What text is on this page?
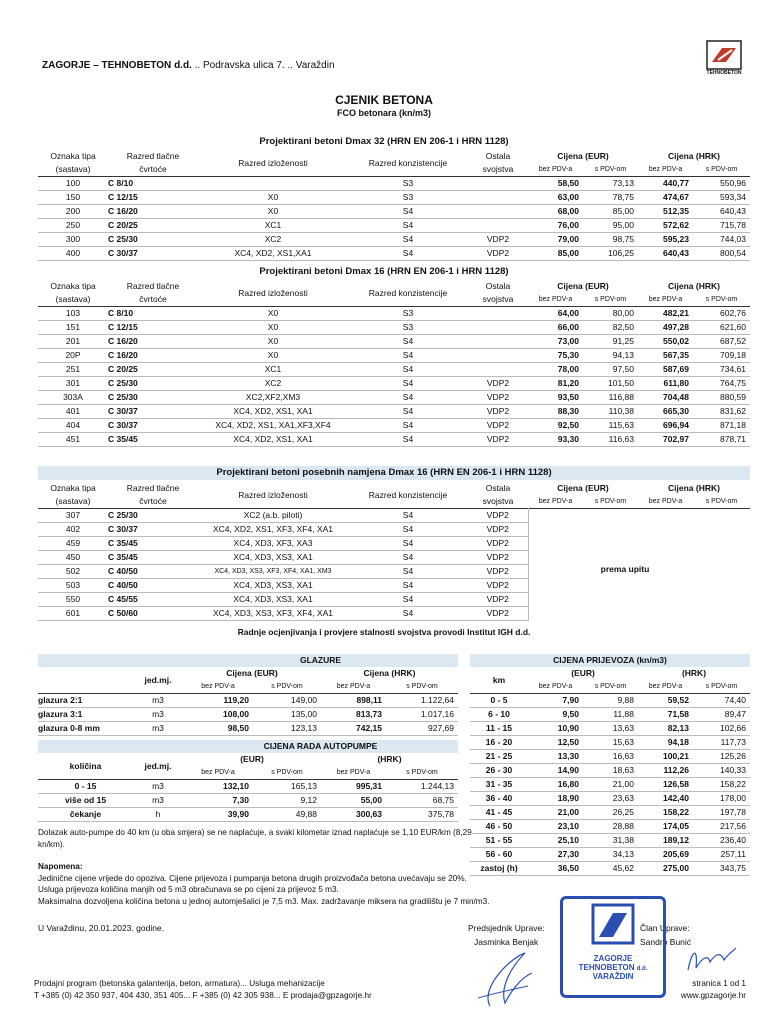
ZAGORJE – TEHNOBETON d.d. .. Podravska ulica 7. .. Varaždin
TEHNOBETON
CJENIK BETONA
FCO betonara (kn/m3)
Projektirani betoni Dmax 32 (HRN EN 206-1 i HRN 1128)
Oznaka tipa	Razred tlačne	Razred izloženosti	Razred konzistencije	Ostala	Cijena (EUR)		Cijena (HRK)	
(sastava)	čvrtoće			svojstva	bez PDV-a	s PDV-om	bez PDV-a	s PDV-om
100	C 8/10		S3		58,50	73,13	440,77	550,96
150	C 12/15	X0	S3		63,00	78,75	474,67	593,34
200	C 16/20	X0	S4		68,00	85,00	512,35	640,43
250	C 20/25	XC1	S4		76,00	95,00	572,62	715,78
300	C 25/30	XC2	S4	VDP2	79,00	98,75	595,23	744,03
400	C 30/37	XC4, XD2, XS1,XA1	S4	VDP2	85,00	106,25	640,43	800,54
Projektirani betoni Dmax 16 (HRN EN 206-1 i HRN 1128)
Oznaka tipa	Razred tlačne	Razred izloženosti	Razred konzistencije	Ostala	Cijena (EUR)		Cijena (HRK)	
(sastava)	čvrtoće			svojstva	bez PDV-a	s PDV-om	bez PDV-a	s PDV-om
103	C 8/10	X0	S3		64,00	80,00	482,21	602,76
151	C 12/15	X0	S3		66,00	82,50	497,28	621,60
201	C 16/20	X0	S4		73,00	91,25	550,02	687,52
20P	C 16/20	X0	S4		75,30	94,13	567,35	709,18
251	C 20/25	XC1	S4		78,00	97,50	587,69	734,61
301	C 25/30	XC2	S4	VDP2	81,20	101,50	611,80	764,75
303A	C 25/30	XC2,XF2,XM3	S4	VDP2	93,50	116,88	704,48	880,59
401	C 30/37	XC4, XD2, XS1, XA1	S4	VDP2	88,30	110,38	665,30	831,62
404	C 30/37	XC4, XD2, XS1, XA1,XF3,XF4	S4	VDP2	92,50	115,63	696,94	871,18
451	C 35/45	XC4, XD2, XS1, XA1	S4	VDP2	93,30	116,63	702,97	878,71
Projektirani betoni posebnih namjena Dmax 16 (HRN EN 206-1 i HRN 1128)
Oznaka tipa	Razred tlačne	Razred izloženosti	Razred konzistencije	Ostala	Cijena (EUR)		Cijena (HRK)	
(sastava)	čvrtoće			svojstva	bez PDV-a	s PDV-om	bez PDV-a	s PDV-om
307	C 25/30	XC2 (a.b. piloti)	S4	VDP2				
402	C 30/37	XC4, XD2, XS1, XF3, XF4, XA1	S4	VDP2				
459	C 35/45	XC4, XD3, XF3, XA3	S4	VDP2				
450	C 35/45	XC4, XD3, XS3, XA1	S4	VDP2				
502	C 40/50	XC4, XD3, XS3, XF3, XF4, XA1, XM3	S4	VDP2				
503	C 40/50	XC4, XD3, XS3, XA1	S4	VDP2				
550	C 45/55	XC4, XD3, XS3, XA1	S4	VDP2				
601	C 50/60	XC4, XD3, XS3, XF3, XF4, XA1	S4	VDP2				
prema upitu
Radnje ocjenjivanja i provjere stalnosti svojstva provodi Institut IGH d.d.
		GLAZURE			
	jed.mj.	Cijena (EUR)		Cijena (HRK)	
		bez PDV-a	s PDV-om	bez PDV-a	s PDV-om
glazura 2:1	m3	119,20	149,00	898,11	1.122,64
glazura 3:1	m3	108,00	135,00	813,73	1.017,16
glazura 0-8 mm	m3	98,50	123,13	742,15	927,69
		CIJENA RADA AUTOPUMPE			
količina	jed.mj.	(EUR)		(HRK)	
		bez PDV-a	s PDV-om	bez PDV-a	s PDV-om
0 - 15	m3	132,10	165,13	995,31	1.244,13
više od 15	m3	7,30	9,12	55,00	68,75
čekanje	h	39,90	49,88	300,63	375,78
Dolazak auto-pumpe do 40 km (u oba smjera) se ne naplaćuje, a svaki kilometar iznad naplaćuje se 1,10 EUR/km (8,29 kn/km).
CIJENA PRIJEVOZA (kn/m3)				
km	(EUR)		(HRK)	
	bez PDV-a	s PDV-om	bez PDV-a	s PDV-om
0 - 5	7,90	9,88	59,52	74,40
6 - 10	9,50	11,88	71,58	89,47
11 - 15	10,90	13,63	82,13	102,66
16 - 20	12,50	15,63	94,18	117,73
21 - 25	13,30	16,63	100,21	125,26
26 - 30	14,90	18,63	112,26	140,33
31 - 35	16,80	21,00	126,58	158,22
36 - 40	18,90	23,63	142,40	178,00
41 - 45	21,00	26,25	158,22	197,78
46 - 50	23,10	28,88	174,05	217,56
51 - 55	25,10	31,38	189,12	236,40
56 - 60	27,30	34,13	205,69	257,11
zastoj (h)	36,50	45,62	275,00	343,75
Napomena:
Jedinične cijene vrijede do opoziva. Cijene prijevoza i pumpanja betona drugih proizvođača betona uvećavaju se 20%.
Usluga prijevoza količina manjih od 5 m3 obračunava se po cijeni za prijevoz 5 m3.
Maksimalna dozvoljena količina betona u jednoj automješalici je 7,5 m3. Max. zadržavanje miksera na gradilištu je 7 min/m3.
U Varaždinu, 20.01.2023. godine.	Predsjednik Uprave:
Jasminka Benjak
Član Uprave:
Sandro Bunić
ZAGORJE
TEHNOBETON d.d.
VARAŽDIN
Prodajni program (betonska galanterija, beton, armatura)... Usluga mehanizacije
T +385 (0) 42 350 937, 404 430, 351 405... F +385 (0) 42 305 938... E prodaja@gpzagorje.hr
stranica 1 od 1
www.gpzagorje.hr
